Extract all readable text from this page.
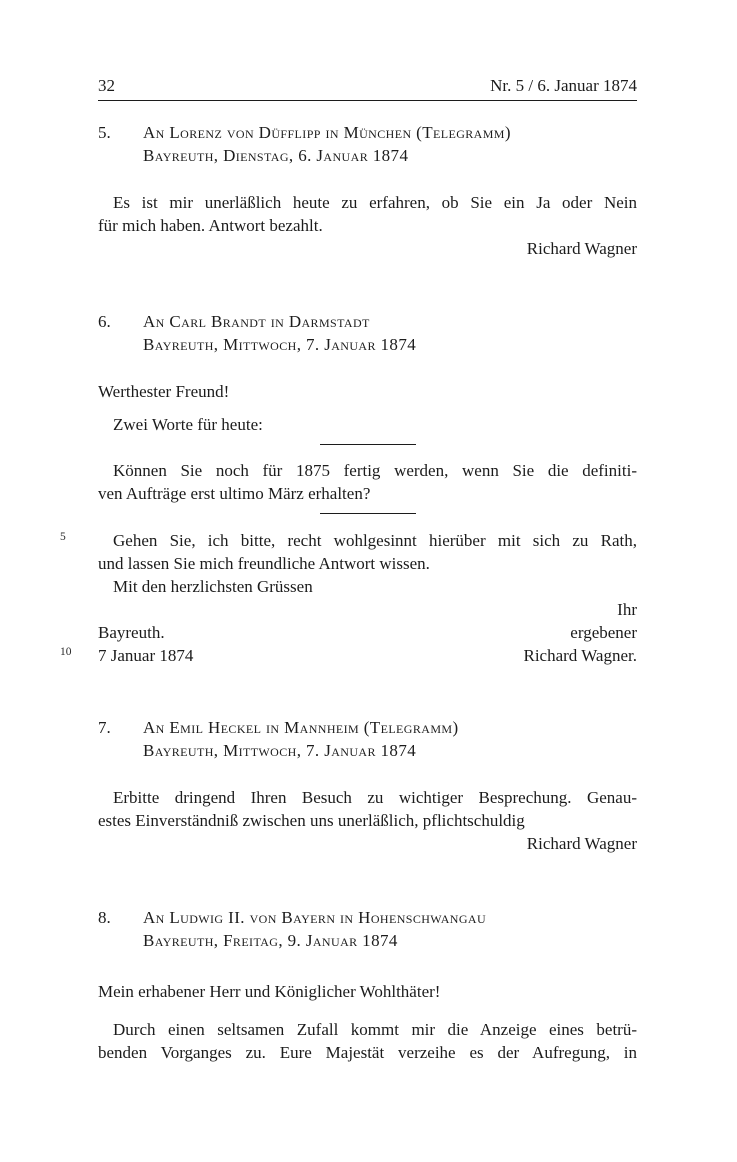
32	Nr. 5 / 6. Januar 1874
5.	An Lorenz von Düfflipp in München (Telegramm)
Bayreuth, Dienstag, 6. Januar 1874
Es ist mir unerläßlich heute zu erfahren, ob Sie ein Ja oder Nein
für mich haben. Antwort bezahlt.
Richard Wagner
6.	An Carl Brandt in Darmstadt
Bayreuth, Mittwoch, 7. Januar 1874
Werthester Freund!
Zwei Worte für heute:
Können Sie noch für 1875 fertig werden, wenn Sie die definiti-
ven Aufträge erst ultimo März erhalten?
5	Gehen Sie, ich bitte, recht wohlgesinnt hierüber mit sich zu Rath,
und lassen Sie mich freundliche Antwort wissen.
Mit den herzlichsten Grüssen
Ihr
Bayreuth.	ergebener
10 7 Januar 1874	Richard Wagner.
7.	An Emil Heckel in Mannheim (Telegramm)
Bayreuth, Mittwoch, 7. Januar 1874
Erbitte dringend Ihren Besuch zu wichtiger Besprechung. Genau-
estes Einverständniß zwischen uns unerläßlich, pflichtschuldig
Richard Wagner
8.	An Ludwig II. von Bayern in Hohenschwangau
Bayreuth, Freitag, 9. Januar 1874
Mein erhabener Herr und Königlicher Wohlthäter!
Durch einen seltsamen Zufall kommt mir die Anzeige eines betrü-
benden Vorganges zu. Eure Majestät verzeihe es der Aufregung, in
